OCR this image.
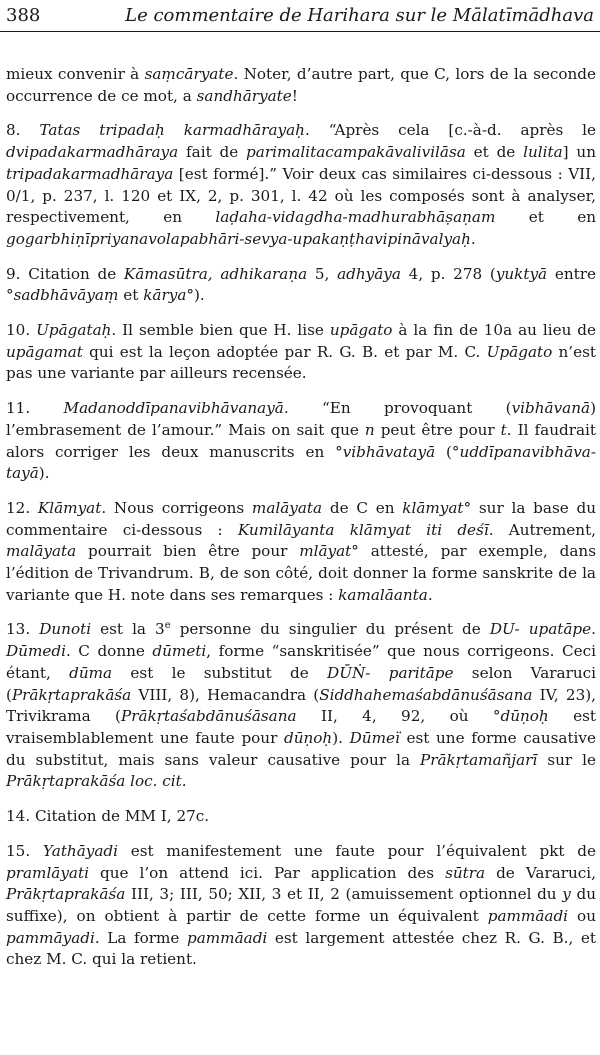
388	Le commentaire de Harihara sur le Mālatīmādhava

mieux convenir à saṃcāryate. Noter, d’autre part, que C, lors de la seconde occurrence de ce mot, a sandhāryate!

8. Tatas tripadaḥ karmadhārayaḥ. “Après cela [c.-à-d. après le dvipadakarmadhāraya fait de parimalitacampakāvalivilāsa et de lulita] un tripadakarmadhāraya [est formé].” Voir deux cas similaires ci-dessous : VII, 0/1, p. 237, l. 120 et IX, 2, p. 301, l. 42 où les composés sont à analyser, respectivement, en laḍaha-vidagdha-madhurabhāṣaṇam et en gogarbhiṇīpriyanavolapabhāri-sevya-upakaṇṭhavipināvalyaḥ.

9. Citation de Kāmasūtra, adhikaraṇa 5, adhyāya 4, p. 278 (yuktyā entre °sadbhāvāyaṃ et kārya°).

10. Upāgataḥ. Il semble bien que H. lise upāgato à la fin de 10a au lieu de upāgamat qui est la leçon adoptée par R. G. B. et par M. C. Upāgato n’est pas une variante par ailleurs recensée.

11. Madanoddīpanavibhāvanayā. “En provoquant (vibhāvanā) l’embrasement de l’amour.” Mais on sait que n peut être pour t. Il faudrait alors corriger les deux manuscrits en °vibhāvatayā (°uddīpanavibhāva-tayā).

12. Klāmyat. Nous corrigeons malāyata de C en klāmyat° sur la base du commentaire ci-dessous : Kumilāyanta klāmyat iti deśī. Autrement, malāyata pourrait bien être pour mlāyat° attesté, par exemple, dans l’édition de Trivandrum. B, de son côté, doit donner la forme sanskrite de la variante que H. note dans ses remarques : kamalāanta.

13. Dunoti est la 3e personne du singulier du présent de DU- upatāpe. Dūmedi. C donne dūmeti, forme “sanskritisée” que nous corrigeons. Ceci étant, dūma est le substitut de DŪṄ- paritāpe selon Vararuci (Prākṛtaprakāśa VIII, 8), Hemacandra (Siddhahemaśabdānuśāsana IV, 23), Trivikrama (Prākṛtaśabdānuśāsana II, 4, 92, où °dūṇoḥ est vraisemblablement une faute pour dūṇoḥ). Dūmeï est une forme causative du substitut, mais sans valeur causative pour la Prākṛtamañjarī sur le Prākṛtaprakāśa loc. cit.

14. Citation de MM I, 27c.

15. Yathāyadi est manifestement une faute pour l’équivalent pkt de pramlāyati que l’on attend ici. Par application des sūtra de Vararuci, Prākṛtaprakāśa III, 3; III, 50; XII, 3 et II, 2 (amuissement optionnel du y du suffixe), on obtient à partir de cette forme un équivalent pammāadi ou pammāyadi. La forme pammāadi est largement attestée chez R. G. B., et chez M. C. qui la retient.
